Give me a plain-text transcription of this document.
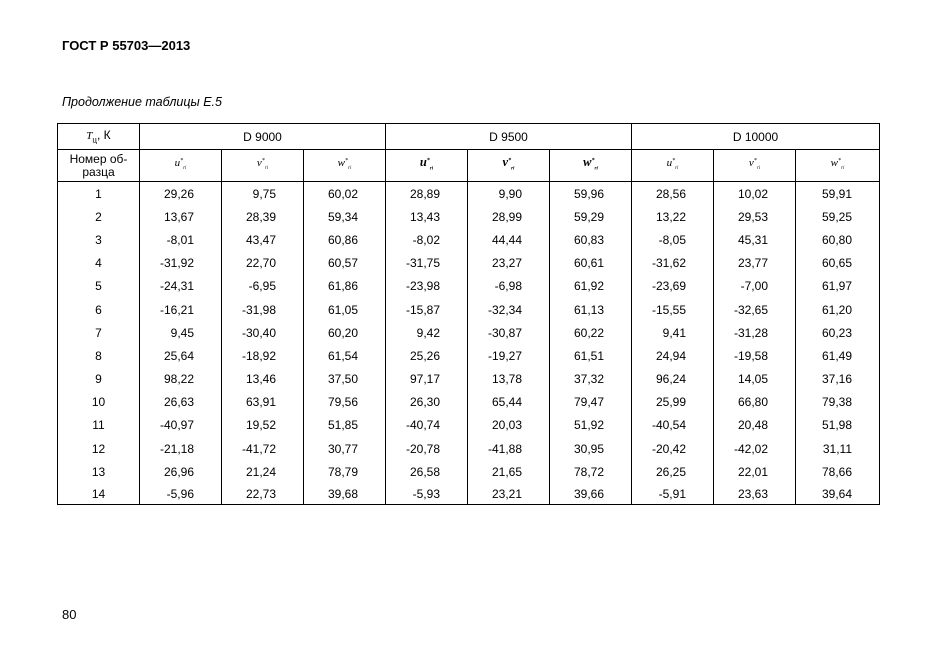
ГОСТ Р 55703—2013
Продолжение таблицы Е.5
$T_ц$, К	D 9000			D 9500			D 10000		
Номер об-разца	$u^*_{ri}$	$v^*_{ri}$	$w^*_{ri}$	$u^*_{ri}$	$v^*_{ri}$	$w^*_{ri}$	$u^*_{ri}$	$v^*_{ri}$	$w^*_{ri}$
1	29,26	9,75	60,02	28,89	9,90	59,96	28,56	10,02	59,91
2	13,67	28,39	59,34	13,43	28,99	59,29	13,22	29,53	59,25
3	-8,01	43,47	60,86	-8,02	44,44	60,83	-8,05	45,31	60,80
4	-31,92	22,70	60,57	-31,75	23,27	60,61	-31,62	23,77	60,65
5	-24,31	-6,95	61,86	-23,98	-6,98	61,92	-23,69	-7,00	61,97
6	-16,21	-31,98	61,05	-15,87	-32,34	61,13	-15,55	-32,65	61,20
7	9,45	-30,40	60,20	9,42	-30,87	60,22	9,41	-31,28	60,23
8	25,64	-18,92	61,54	25,26	-19,27	61,51	24,94	-19,58	61,49
9	98,22	13,46	37,50	97,17	13,78	37,32	96,24	14,05	37,16
10	26,63	63,91	79,56	26,30	65,44	79,47	25,99	66,80	79,38
11	-40,97	19,52	51,85	-40,74	20,03	51,92	-40,54	20,48	51,98
12	-21,18	-41,72	30,77	-20,78	-41,88	30,95	-20,42	-42,02	31,11
13	26,96	21,24	78,79	26,58	21,65	78,72	26,25	22,01	78,66
14	-5,96	22,73	39,68	-5,93	23,21	39,66	-5,91	23,63	39,64
80
